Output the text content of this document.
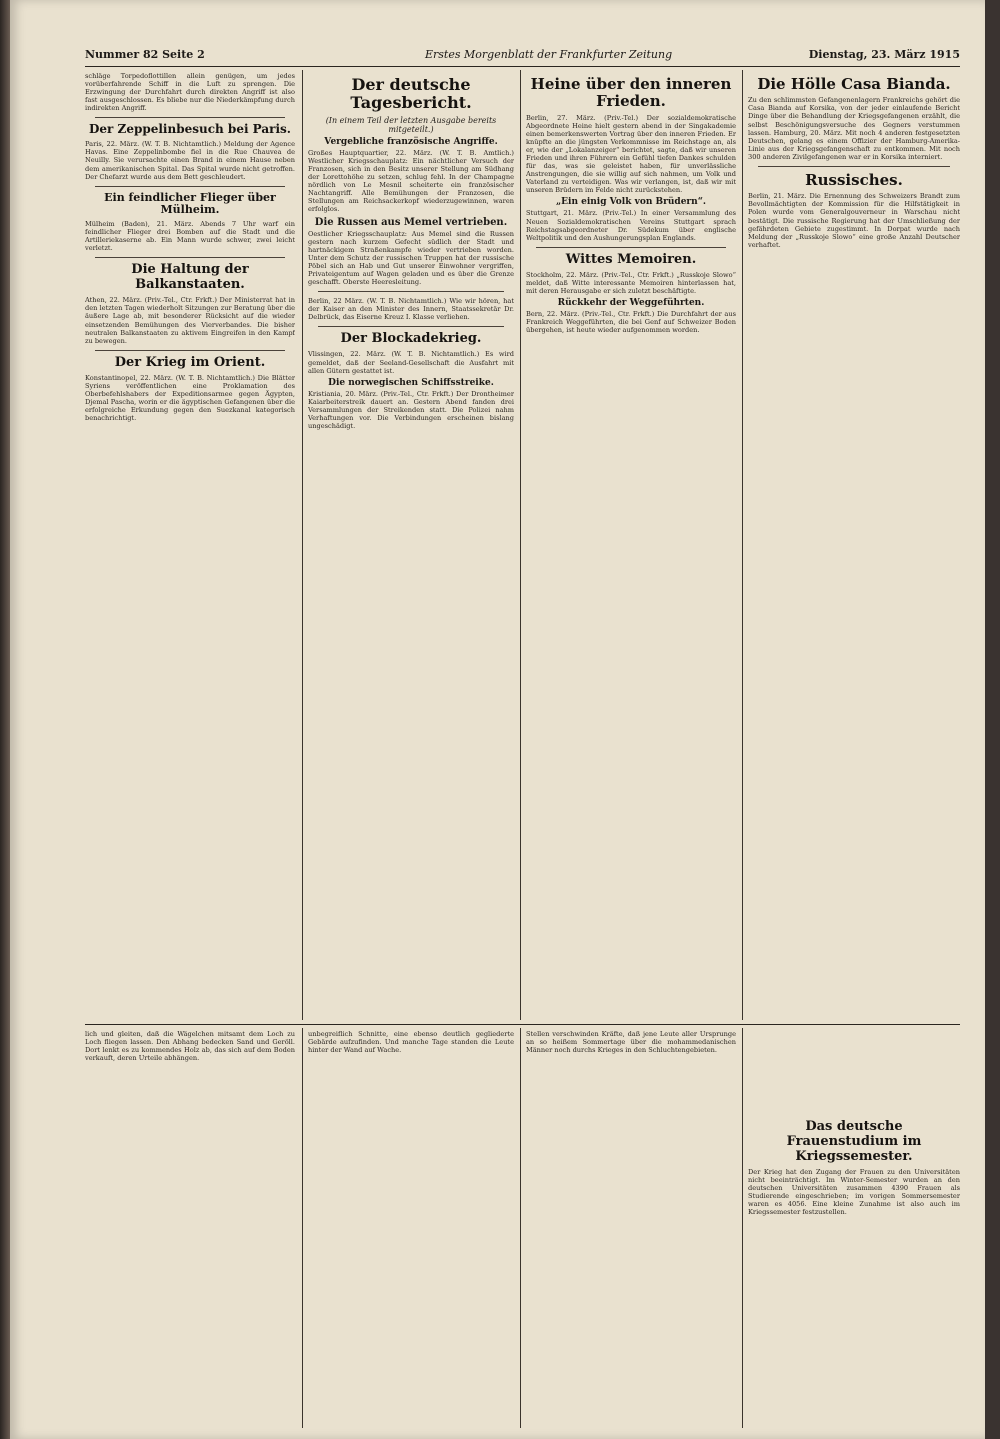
Nummer 82 Seite 2	Erstes Morgenblatt der Frankfurter Zeitung	Dienstag, 23. März 1915

schläge Torpedoflottillen allein genügen, um jedes vorüberfahrende Schiff in die Luft zu sprengen. Die Erzwingung der Durchfahrt durch direkten Angriff ist also fast ausgeschlossen. Es bliebe nur die Niederkämpfung durch indirekten Angriff.

Der Zeppelinbesuch bei Paris.

Paris, 22. März. (W. T. B. Nichtamtlich.) Meldung der Agence Havas. Eine Zeppelinbombe fiel in die Rue Chauvea de Neuilly. Sie verursachte einen Brand in einem Hause neben dem amerikanischen Spital. Das Spital wurde nicht getroffen. Der Chefarzt wurde aus dem Bett geschleudert.

Ein feindlicher Flieger über Mülheim.

Mülheim (Baden), 21. März. Abends 7 Uhr warf ein feindlicher Flieger drei Bomben auf die Stadt und die Artilleriekaserne ab. Ein Mann wurde schwer, zwei leicht verletzt.

Die Haltung der Balkanstaaten.

Athen, 22. März. (Priv.-Tel., Ctr. Frkft.) Der Ministerrat hat in den letzten Tagen wiederholt Sitzungen zur Beratung über die äußere Lage ab, mit besonderer Rücksicht auf die wieder einsetzenden Bemühungen des Vierverbandes. Die bisher neutralen Balkanstaaten zu aktivem Eingreifen in den Kampf zu bewegen.

Der Krieg im Orient.

Konstantinopel, 22. März. (W. T. B. Nichtamtlich.) Die Blätter Syriens veröffentlichen eine Proklamation des Oberbefehlshabers der Expeditionsarmee gegen Ägypten, Djemal Pascha, worin er die ägyptischen Gefangenen über die erfolgreiche Erkundung gegen den Suezkanal kategorisch benachrichtigt.

Der deutsche Tagesbericht.
(In einem Teil der letzten Ausgabe bereits mitgeteilt.)
Vergebliche französische Angriffe.

Großes Hauptquartier, 22. März. (W. T. B. Amtlich.) Westlicher Kriegsschauplatz: Ein nächtlicher Versuch der Franzosen, sich in den Besitz unserer Stellung am Südhang der Lorettohöhe zu setzen, schlug fehl. In der Champagne nördlich von Le Mesnil scheiterte ein französischer Nachtangriff. Alle Bemühungen der Franzosen, die Stellungen am Reichsackerkopf wiederzugewinnen, waren erfolglos.

Die Russen aus Memel vertrieben.

Oestlicher Kriegsschauplatz: Aus Memel sind die Russen gestern nach kurzem Gefecht südlich der Stadt und hartnäckigem Straßenkampfe wieder vertrieben worden. Unter dem Schutz der russischen Truppen hat der russische Pöbel sich an Hab und Gut unserer Einwohner vergriffen, Privateigentum auf Wagen geladen und es über die Grenze geschafft. Oberste Heeresleitung.

Berlin, 22 März. (W. T. B. Nichtamtlich.) Wie wir hören, hat der Kaiser an den Minister des Innern, Staatssekretär Dr. Delbrück, das Eiserne Kreuz I. Klasse verliehen.

Der Blockadekrieg.

Vlissingen, 22. März. (W. T. B. Nichtamtlich.) Es wird gemeldet, daß der Seeland-Gesellschaft die Ausfahrt mit allen Gütern gestattet ist.

Die norwegischen Schiffsstreike.

Kristiania, 20. März. (Priv.-Tel., Ctr. Frkft.) Der Drontheimer Kaiarbeiterstreik dauert an. Gestern Abend fanden drei Versammlungen der Streikenden statt. Die Polizei nahm Verhaftungen vor. Die Verbindungen erscheinen bislang ungeschädigt.

Heine über den inneren Frieden.

Berlin, 27. März. (Priv.-Tel.) Der sozialdemokratische Abgeordnete Heine hielt gestern abend in der Singakademie einen bemerkenswerten Vortrag über den inneren Frieden. Er knüpfte an die jüngsten Verkommnisse im Reichstage an, als er, wie der „Lokalanzeiger“ berichtet, sagte, daß wir unseren Frieden und ihren Führern ein Gefühl tiefen Dankes schulden für das, was sie geleistet haben, für unverlässliche Anstrengungen, die sie willig auf sich nahmen, um Volk und Vaterland zu verteidigen. Was wir verlangen, ist, daß wir mit unseren Brüdern im Felde nicht zurückstehen.

„Ein einig Volk von Brüdern“.

Stuttgart, 21. März. (Priv.-Tel.) In einer Versammlung des Neuen Sozialdemokratischen Vereins Stuttgart sprach Reichstagsabgeordneter Dr. Südekum über englische Weltpolitik und den Aushungerungsplan Englands.

Wittes Memoiren.

Stockholm, 22. März. (Priv.-Tel., Ctr. Frkft.) „Russkoje Slowo“ meldet, daß Witte interessante Memoiren hinterlassen hat, mit deren Herausgabe er sich zuletzt beschäftigte.

Rückkehr der Weggeführten.

Bern, 22. März. (Priv.-Tel., Ctr. Frkft.) Die Durchfahrt der aus Frankreich Weggeführten, die bei Genf auf Schweizer Boden übergehen, ist heute wieder aufgenommen worden.

Die Hölle Casa Bianda.

Zu den schlimmsten Gefangenenlagern Frankreichs gehört die Casa Bianda auf Korsika, von der jeder einlaufende Bericht Dinge über die Behandlung der Kriegsgefangenen erzählt, die selbst Beschönigungsversuche des Gegners verstummen lassen. Hamburg, 20. März. Mit noch 4 anderen festgesetzten Deutschen, gelang es einem Offizier der Hamburg-Amerika-Linie aus der Kriegsgefangenschaft zu entkommen. Mit noch 300 anderen Zivilgefangenen war er in Korsika interniert.

Russisches.

Berlin, 21. März. Die Ernennung des Schweizers Brandt zum Bevollmächtigten der Kommission für die Hilfstätigkeit in Polen wurde vom Generalgouverneur in Warschau nicht bestätigt. Die russische Regierung hat der Umschließung der gefährdeten Gebiete zugestimmt. In Dorpat wurde nach Meldung der „Russkoje Slowo“ eine große Anzahl Deutscher verhaftet.

lich und gleiten, daß die Wägelchen mitsamt dem Loch zu Loch fliegen lassen. Den Abhang bedecken Sand und Geröll. Dort lenkt es zu kommendes Holz ab, das sich auf dem Boden verkauft, deren Urteile abhängen.

unbegreiflich Schnitte, eine ebenso deutlich gegliederte Gebärde aufzufinden. Und manche Tage standen die Leute hinter der Wand auf Wache.

Stellen verschwinden Kräfte, daß jene Leute aller Ursprunge an so heißem Sommertage über die mohammedanischen Männer noch durchs Krieges in den Schluchtengebieten.

Das deutsche Frauenstudium im Kriegssemester.

Der Krieg hat den Zugang der Frauen zu den Universitäten nicht beeinträchtigt. Im Winter-Semester wurden an den deutschen Universitäten zusammen 4390 Frauen als Studierende eingeschrieben; im vorigen Sommersemester waren es 4056. Eine kleine Zunahme ist also auch im Kriegssemester festzustellen.
